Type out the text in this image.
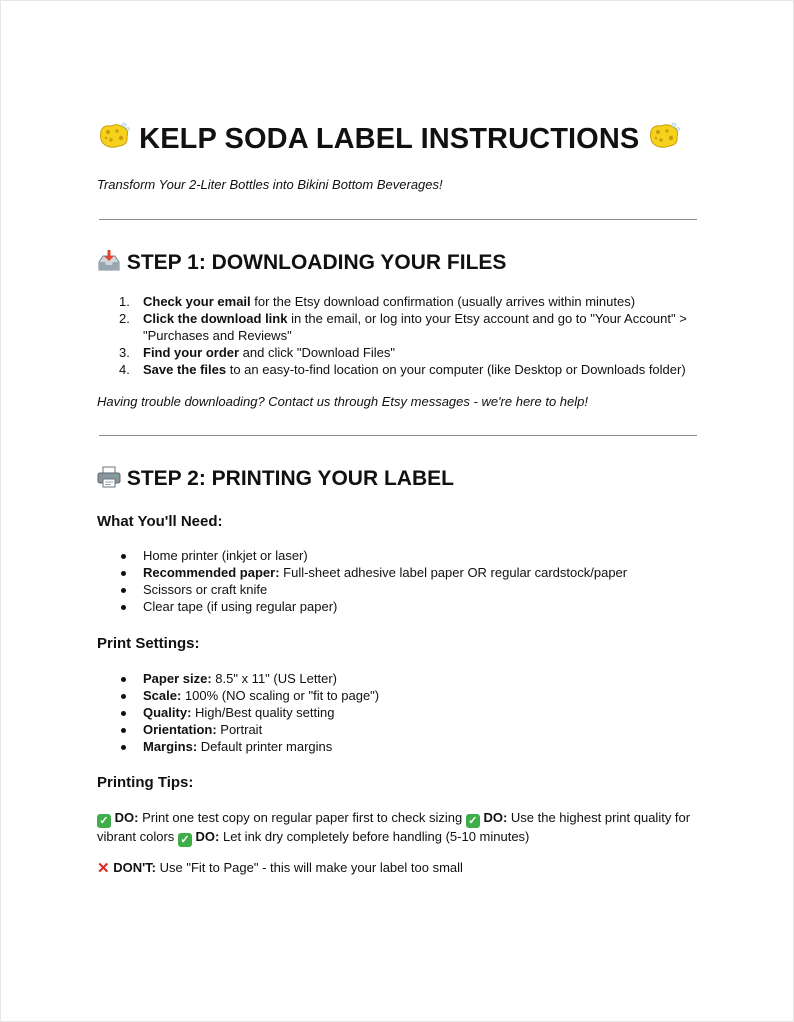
KELP SODA LABEL INSTRUCTIONS

Transform Your 2-Liter Bottles into Bikini Bottom Beverages!

STEP 1: DOWNLOADING YOUR FILES
1. Check your email for the Etsy download confirmation (usually arrives within minutes)
2. Click the download link in the email, or log into your Etsy account and go to "Your Account" > "Purchases and Reviews"
3. Find your order and click "Download Files"
4. Save the files to an easy-to-find location on your computer (like Desktop or Downloads folder)

Having trouble downloading? Contact us through Etsy messages - we're here to help!

STEP 2: PRINTING YOUR LABEL
What You'll Need:
Home printer (inkjet or laser)
Recommended paper: Full-sheet adhesive label paper OR regular cardstock/paper
Scissors or craft knife
Clear tape (if using regular paper)
Print Settings:
Paper size: 8.5" x 11" (US Letter)
Scale: 100% (NO scaling or "fit to page")
Quality: High/Best quality setting
Orientation: Portrait
Margins: Default printer margins
Printing Tips:

✓ DO: Print one test copy on regular paper first to check sizing ✓ DO: Use the highest print quality for vibrant colors ✓ DO: Let ink dry completely before handling (5-10 minutes)

✕ DON'T: Use "Fit to Page" - this will make your label too small
